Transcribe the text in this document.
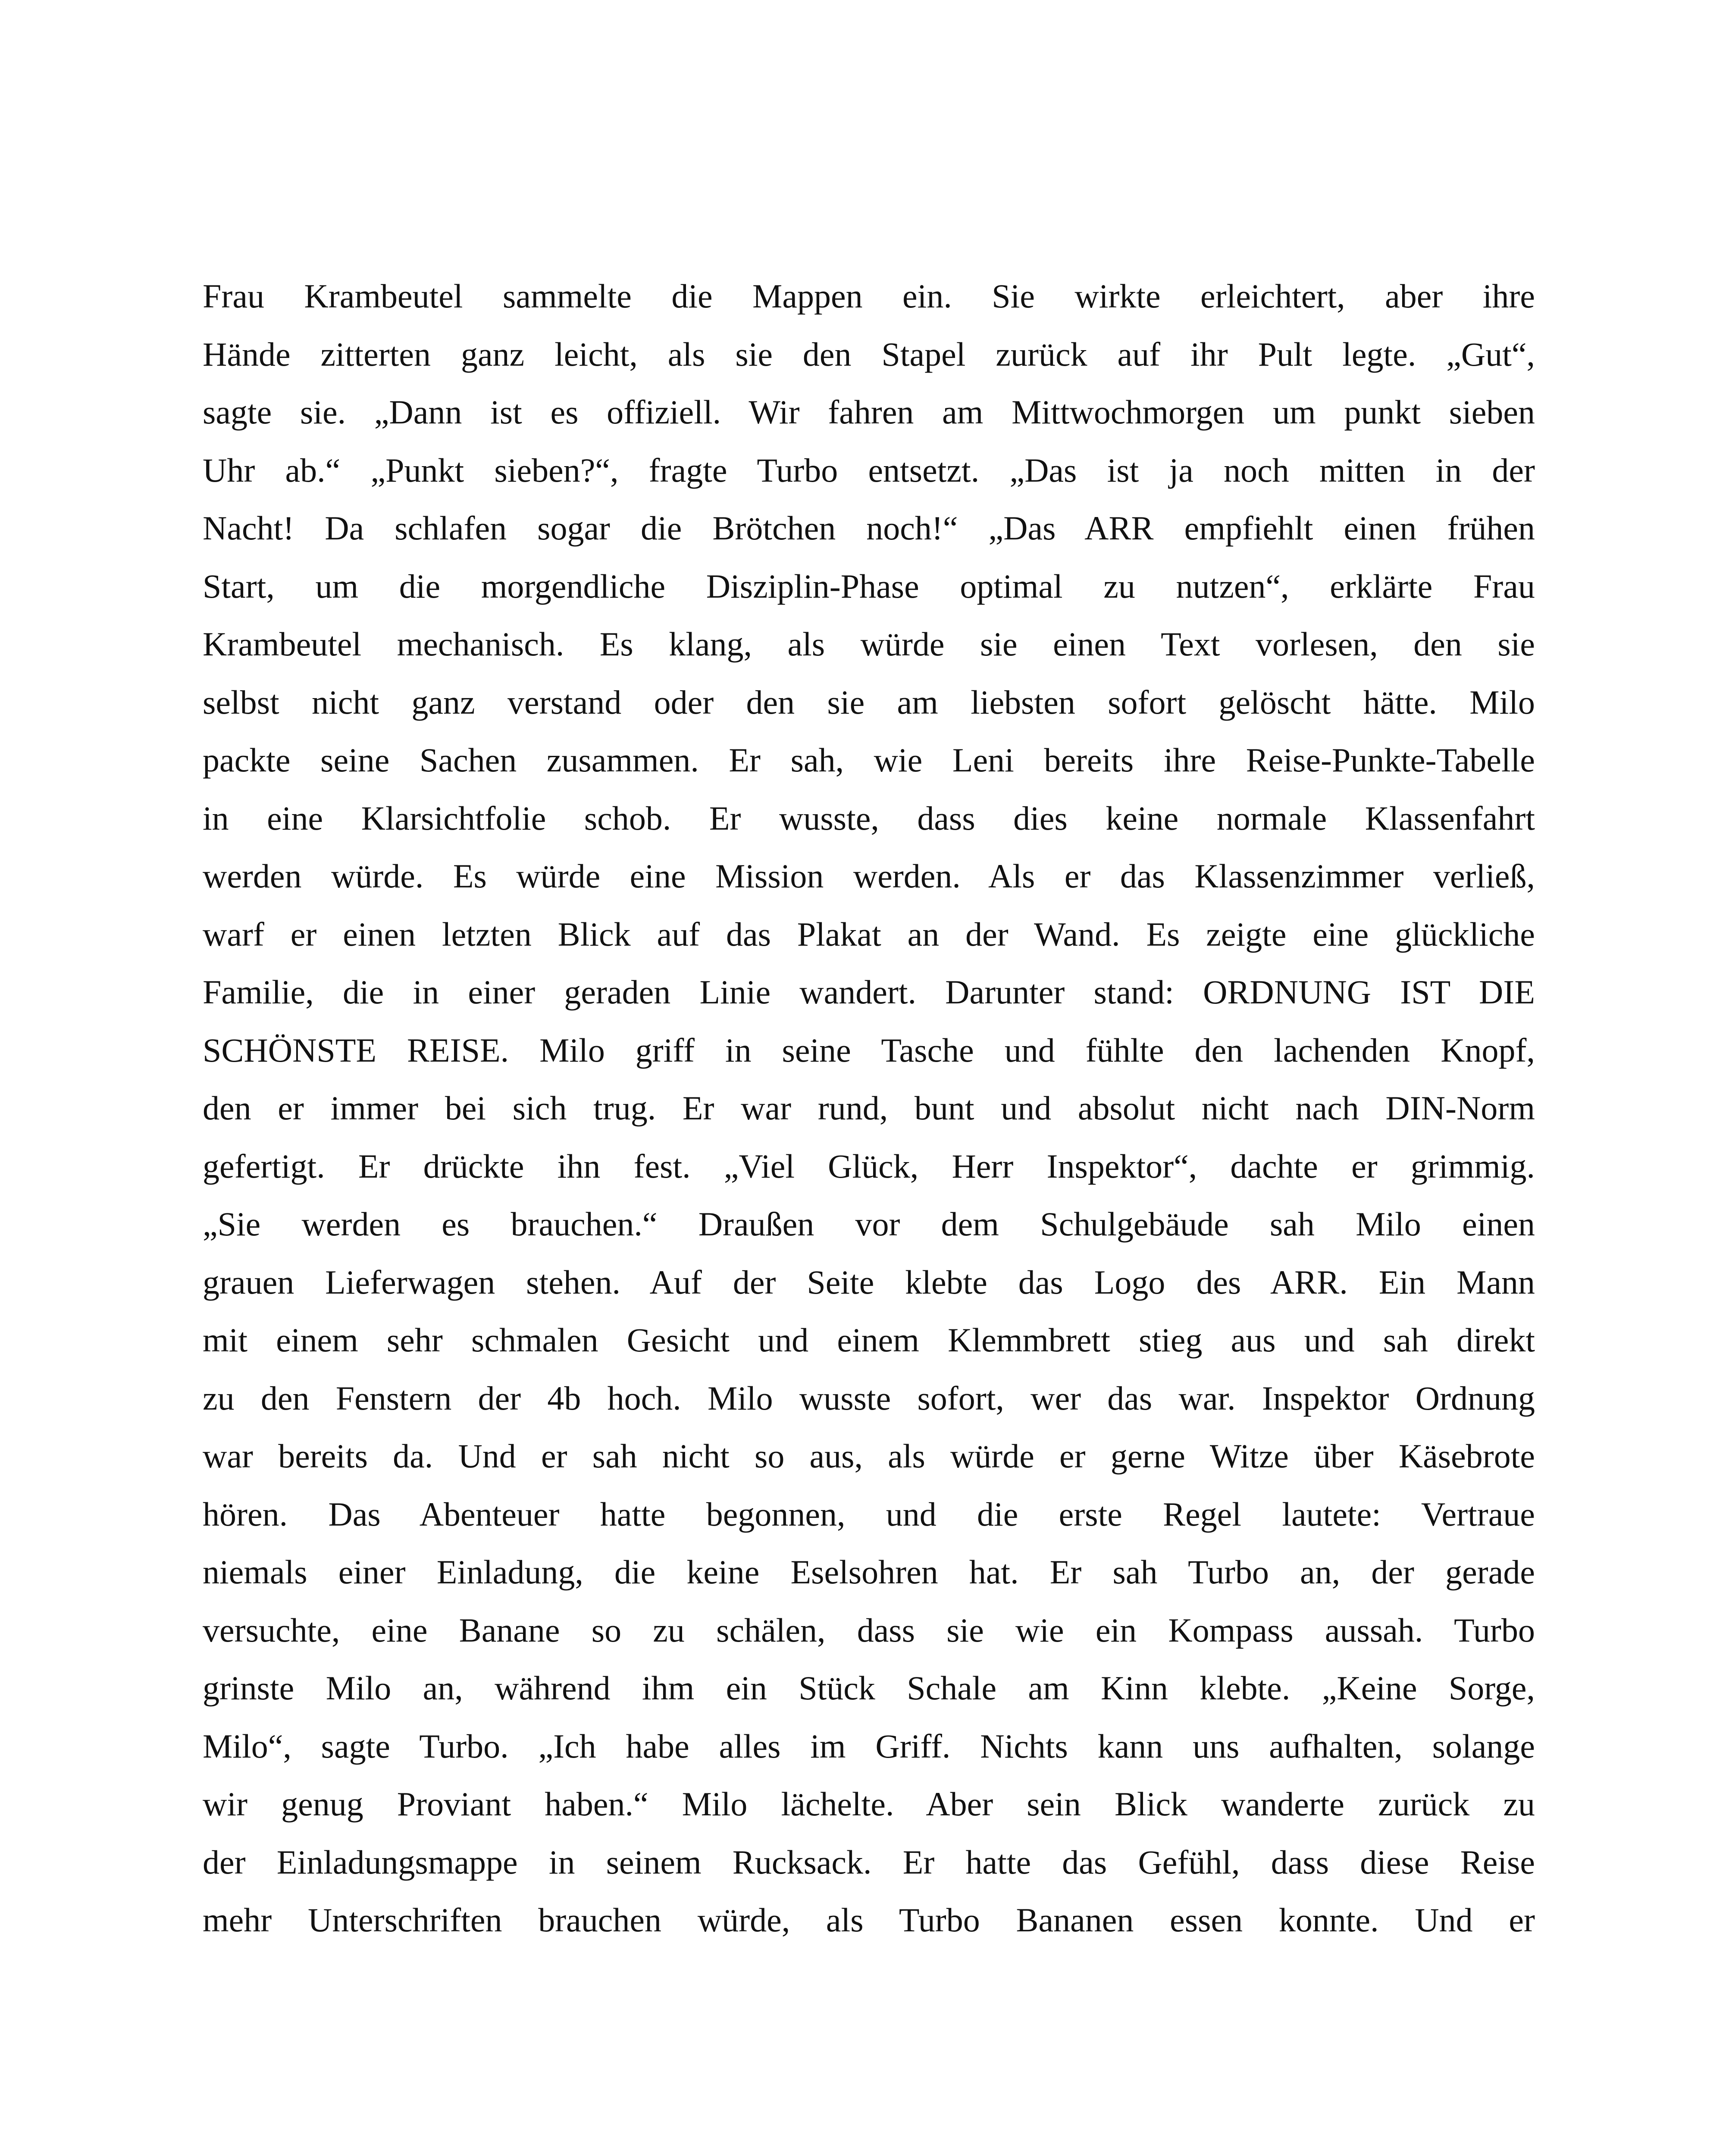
Frau Krambeutel sammelte die Mappen ein. Sie wirkte erleichtert, aber ihre
Hände zitterten ganz leicht, als sie den Stapel zurück auf ihr Pult legte. „Gut“,
sagte sie. „Dann ist es offiziell. Wir fahren am Mittwochmorgen um punkt sieben
Uhr ab.“ „Punkt sieben?“, fragte Turbo entsetzt. „Das ist ja noch mitten in der
Nacht! Da schlafen sogar die Brötchen noch!“ „Das ARR empfiehlt einen frühen
Start, um die morgendliche Disziplin-Phase optimal zu nutzen“, erklärte Frau
Krambeutel mechanisch. Es klang, als würde sie einen Text vorlesen, den sie
selbst nicht ganz verstand oder den sie am liebsten sofort gelöscht hätte. Milo
packte seine Sachen zusammen. Er sah, wie Leni bereits ihre Reise-Punkte-Tabelle
in eine Klarsichtfolie schob. Er wusste, dass dies keine normale Klassenfahrt
werden würde. Es würde eine Mission werden. Als er das Klassenzimmer verließ,
warf er einen letzten Blick auf das Plakat an der Wand. Es zeigte eine glückliche
Familie, die in einer geraden Linie wandert. Darunter stand: ORDNUNG IST DIE
SCHÖNSTE REISE. Milo griff in seine Tasche und fühlte den lachenden Knopf,
den er immer bei sich trug. Er war rund, bunt und absolut nicht nach DIN-Norm
gefertigt. Er drückte ihn fest. „Viel Glück, Herr Inspektor“, dachte er grimmig.
„Sie werden es brauchen.“ Draußen vor dem Schulgebäude sah Milo einen
grauen Lieferwagen stehen. Auf der Seite klebte das Logo des ARR. Ein Mann
mit einem sehr schmalen Gesicht und einem Klemmbrett stieg aus und sah direkt
zu den Fenstern der 4b hoch. Milo wusste sofort, wer das war. Inspektor Ordnung
war bereits da. Und er sah nicht so aus, als würde er gerne Witze über Käsebrote
hören. Das Abenteuer hatte begonnen, und die erste Regel lautete: Vertraue
niemals einer Einladung, die keine Eselsohren hat. Er sah Turbo an, der gerade
versuchte, eine Banane so zu schälen, dass sie wie ein Kompass aussah. Turbo
grinste Milo an, während ihm ein Stück Schale am Kinn klebte. „Keine Sorge,
Milo“, sagte Turbo. „Ich habe alles im Griff. Nichts kann uns aufhalten, solange
wir genug Proviant haben.“ Milo lächelte. Aber sein Blick wanderte zurück zu
der Einladungsmappe in seinem Rucksack. Er hatte das Gefühl, dass diese Reise
mehr Unterschriften brauchen würde, als Turbo Bananen essen konnte. Und er
